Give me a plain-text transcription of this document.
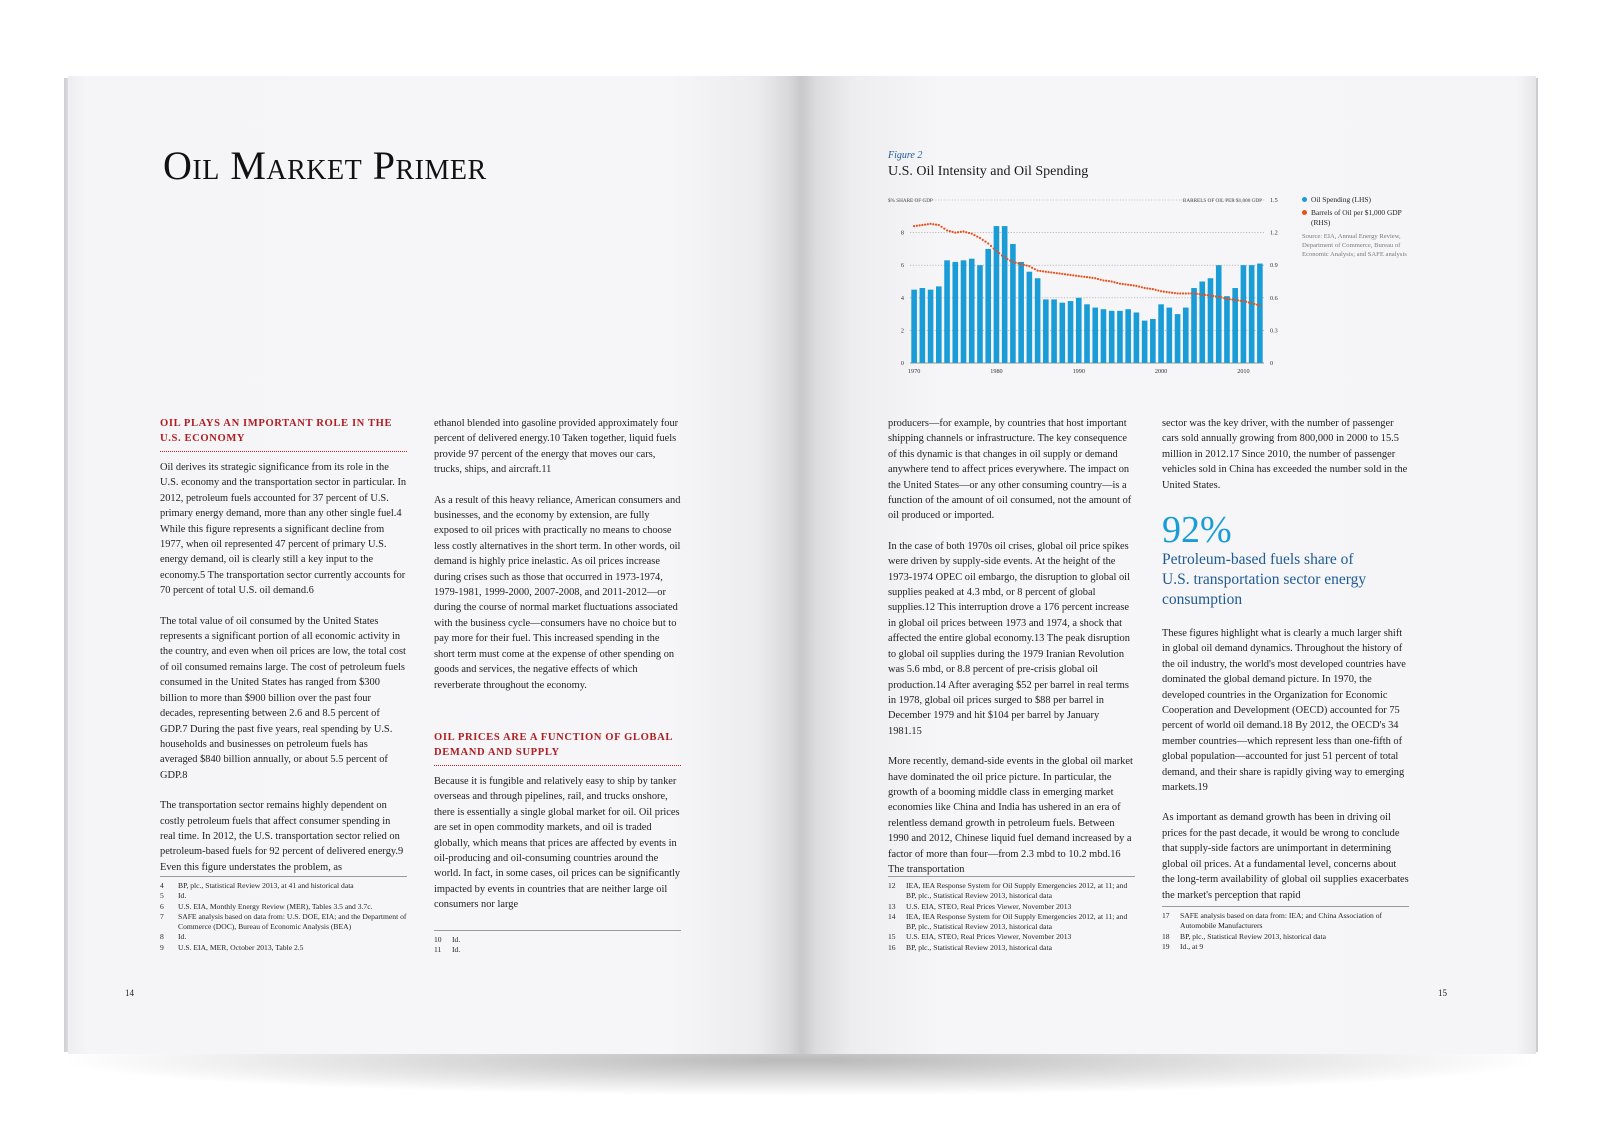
Oil Market Primer
OIL PLAYS AN IMPORTANT ROLE IN THE U.S. ECONOMY

Oil derives its strategic significance from its role in the U.S. economy and the transportation sector in particular. In 2012, petroleum fuels accounted for 37 percent of U.S. primary energy demand, more than any other single fuel.4 While this figure represents a significant decline from 1977, when oil represented 47 percent of primary U.S. energy demand, oil is clearly still a key input to the economy.5 The transportation sector currently accounts for 70 percent of total U.S. oil demand.6

The total value of oil consumed by the United States represents a significant portion of all economic activity in the country, and even when oil prices are low, the total cost of oil consumed remains large. The cost of petroleum fuels consumed in the United States has ranged from $300 billion to more than $900 billion over the past four decades, representing between 2.6 and 8.5 percent of GDP.7 During the past five years, real spending by U.S. households and businesses on petroleum fuels has averaged $840 billion annually, or about 5.5 percent of GDP.8

The transportation sector remains highly dependent on costly petroleum fuels that affect consumer spending in real time. In 2012, the U.S. transportation sector relied on petroleum-based fuels for 92 percent of delivered energy.9 Even this figure understates the problem, as

ethanol blended into gasoline provided approximately four percent of delivered energy.10 Taken together, liquid fuels provide 97 percent of the energy that moves our cars, trucks, ships, and aircraft.11

As a result of this heavy reliance, American consumers and businesses, and the economy by extension, are fully exposed to oil prices with practically no means to choose less costly alternatives in the short term. In other words, oil demand is highly price inelastic. As oil prices increase during crises such as those that occurred in 1973-1974, 1979-1981, 1999-2000, 2007-2008, and 2011-2012—or during the course of normal market fluctuations associated with the business cycle—consumers have no choice but to pay more for their fuel. This increased spending in the short term must come at the expense of other spending on goods and services, the negative effects of which reverberate throughout the economy.

OIL PRICES ARE A FUNCTION OF GLOBAL DEMAND AND SUPPLY

Because it is fungible and relatively easy to ship by tanker overseas and through pipelines, rail, and trucks onshore, there is essentially a single global market for oil. Oil prices are set in open commodity markets, and oil is traded globally, which means that prices are affected by events in oil-producing and oil-consuming countries around the world. In fact, in some cases, oil prices can be significantly impacted by events in countries that are neither large oil consumers nor large

4	BP, plc., Statistical Review 2013, at 41 and historical data
5	Id.
6	U.S. EIA, Monthly Energy Review (MER), Tables 3.5 and 3.7c.
7	SAFE analysis based on data from: U.S. DOE, EIA; and the Department of Commerce (DOC), Bureau of Economic Analysis (BEA)
8	Id.
9	U.S. EIA, MER, October 2013, Table 2.5
10	Id.
11	Id.
14
Figure 2
U.S. Oil Intensity and Oil Spending
$% SHARE OF GDP	BARRELS OF OIL PER $1,000 GDP
0
0.3
0.6
0.9
1.2
1.5
0
2
4
6
8
1970	1980	1990	2000	2010
Oil Spending (LHS)
Barrels of Oil per $1,000 GDP (RHS)
Source: EIA, Annual Energy Review, Department of Commerce, Bureau of Economic Analysis; and SAFE analysis

producers—for example, by countries that host important shipping channels or infrastructure. The key consequence of this dynamic is that changes in oil supply or demand anywhere tend to affect prices everywhere. The impact on the United States—or any other consuming country—is a function of the amount of oil consumed, not the amount of oil produced or imported.

In the case of both 1970s oil crises, global oil price spikes were driven by supply-side events. At the height of the 1973-1974 OPEC oil embargo, the disruption to global oil supplies peaked at 4.3 mbd, or 8 percent of global supplies.12 This interruption drove a 176 percent increase in global oil prices between 1973 and 1974, a shock that affected the entire global economy.13 The peak disruption to global oil supplies during the 1979 Iranian Revolution was 5.6 mbd, or 8.8 percent of pre-crisis global oil production.14 After averaging $52 per barrel in real terms in 1978, global oil prices surged to $88 per barrel in December 1979 and hit $104 per barrel by January 1981.15

More recently, demand-side events in the global oil market have dominated the oil price picture. In particular, the growth of a booming middle class in emerging market economies like China and India has ushered in an era of relentless demand growth in petroleum fuels. Between 1990 and 2012, Chinese liquid fuel demand increased by a factor of more than four—from 2.3 mbd to 10.2 mbd.16 The transportation

sector was the key driver, with the number of passenger cars sold annually growing from 800,000 in 2000 to 15.5 million in 2012.17 Since 2010, the number of passenger vehicles sold in China has exceeded the number sold in the United States.

92%
Petroleum-based fuels share of U.S. transportation sector energy consumption

These figures highlight what is clearly a much larger shift in global oil demand dynamics. Throughout the history of the oil industry, the world's most developed countries have dominated the global demand picture. In 1970, the developed countries in the Organization for Economic Cooperation and Development (OECD) accounted for 75 percent of world oil demand.18 By 2012, the OECD's 34 member countries—which represent less than one-fifth of global population—accounted for just 51 percent of total demand, and their share is rapidly giving way to emerging markets.19

As important as demand growth has been in driving oil prices for the past decade, it would be wrong to conclude that supply-side factors are unimportant in determining global oil prices. At a fundamental level, concerns about the long-term availability of global oil supplies exacerbates the market's perception that rapid

12	IEA, IEA Response System for Oil Supply Emergencies 2012, at 11; and BP, plc., Statistical Review 2013, historical data
13	U.S. EIA, STEO, Real Prices Viewer, November 2013
14	IEA, IEA Response System for Oil Supply Emergencies 2012, at 11; and BP, plc., Statistical Review 2013, historical data
15	U.S. EIA, STEO, Real Prices Viewer, November 2013
16	BP, plc., Statistical Review 2013, historical data
17	SAFE analysis based on data from: IEA; and China Association of Automobile Manufacturers
18	BP, plc., Statistical Review 2013, historical data
19	Id., at 9
15
